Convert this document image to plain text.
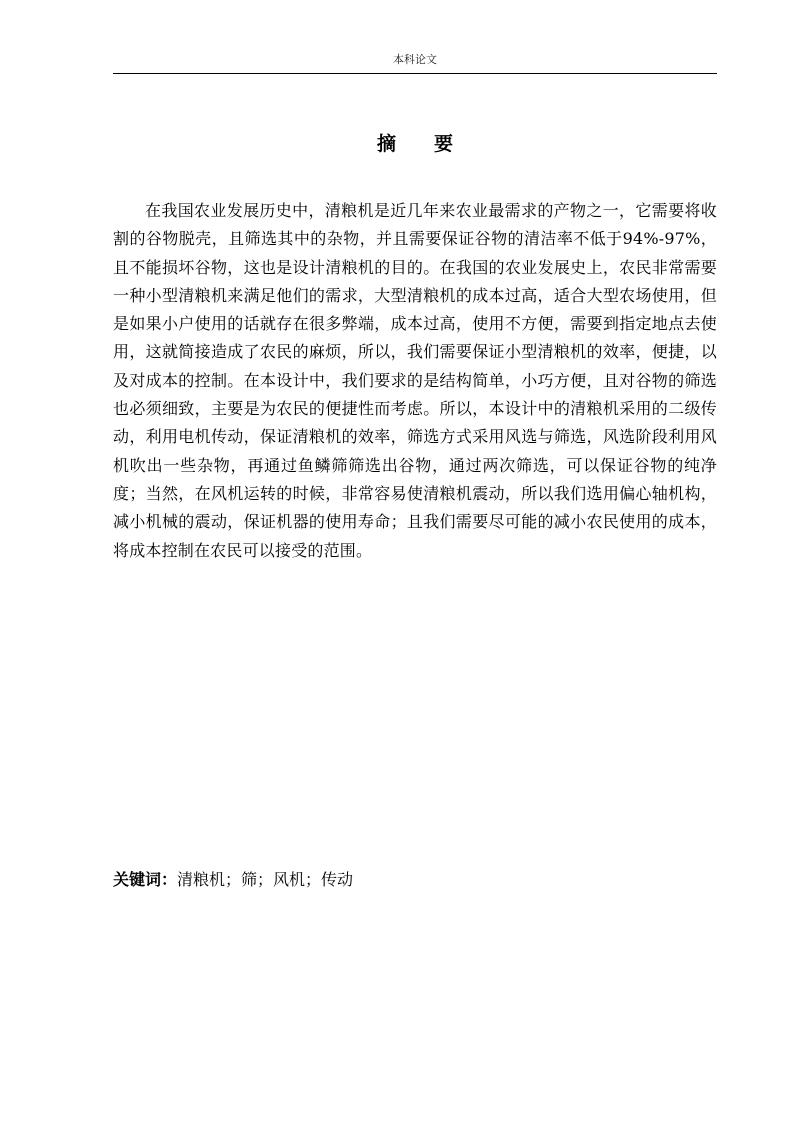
本科论文
摘要

在我国农业发展历史中，清粮机是近几年来农业最需求的产物之一，它需要将收割的谷物脱壳，且筛选其中的杂物，并且需要保证谷物的清洁率不低于94%-97%，且不能损坏谷物，这也是设计清粮机的目的。在我国的农业发展史上，农民非常需要一种小型清粮机来满足他们的需求，大型清粮机的成本过高，适合大型农场使用，但是如果小户使用的话就存在很多弊端，成本过高，使用不方便，需要到指定地点去使用，这就简接造成了农民的麻烦，所以，我们需要保证小型清粮机的效率，便捷，以及对成本的控制。在本设计中，我们要求的是结构简单，小巧方便，且对谷物的筛选也必须细致，主要是为农民的便捷性而考虑。所以，本设计中的清粮机采用的二级传动，利用电机传动，保证清粮机的效率，筛选方式采用风选与筛选，风选阶段利用风机吹出一些杂物，再通过鱼鳞筛筛选出谷物，通过两次筛选，可以保证谷物的纯净度；当然，在风机运转的时候，非常容易使清粮机震动，所以我们选用偏心轴机构，减小机械的震动，保证机器的使用寿命；且我们需要尽可能的减小农民使用的成本，将成本控制在农民可以接受的范围。

关键词：清粮机；筛；风机；传动
